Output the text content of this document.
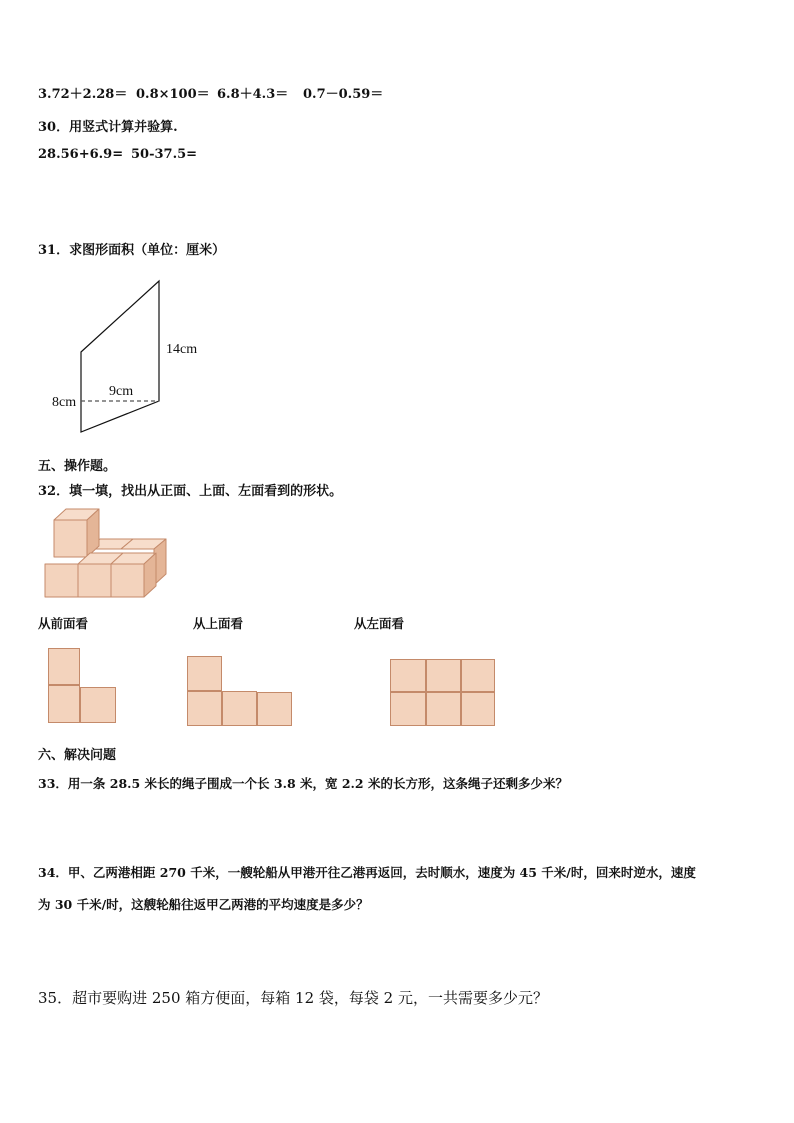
3.72＋2.28＝ 0.8×100＝ 6.8＋4.3＝ 0.7－0.59＝
30．用竖式计算并验算.
28.56+6.9= 50-37.5=
31．求图形面积（单位：厘米）
14cm
9cm
8cm
五、操作题。
32．填一填，找出从正面、上面、左面看到的形状。
从前面看	从上面看	从左面看
六、解决问题
33．用一条 28.5 米长的绳子围成一个长 3.8 米，宽 2.2 米的长方形，这条绳子还剩多少米？
34．甲、乙两港相距 270 千米，一艘轮船从甲港开往乙港再返回，去时顺水，速度为 45 千米/时，回来时逆水，速度
为 30 千米/时，这艘轮船往返甲乙两港的平均速度是多少？
35．超市要购进 250 箱方便面，每箱 12 袋，每袋 2 元，一共需要多少元？
